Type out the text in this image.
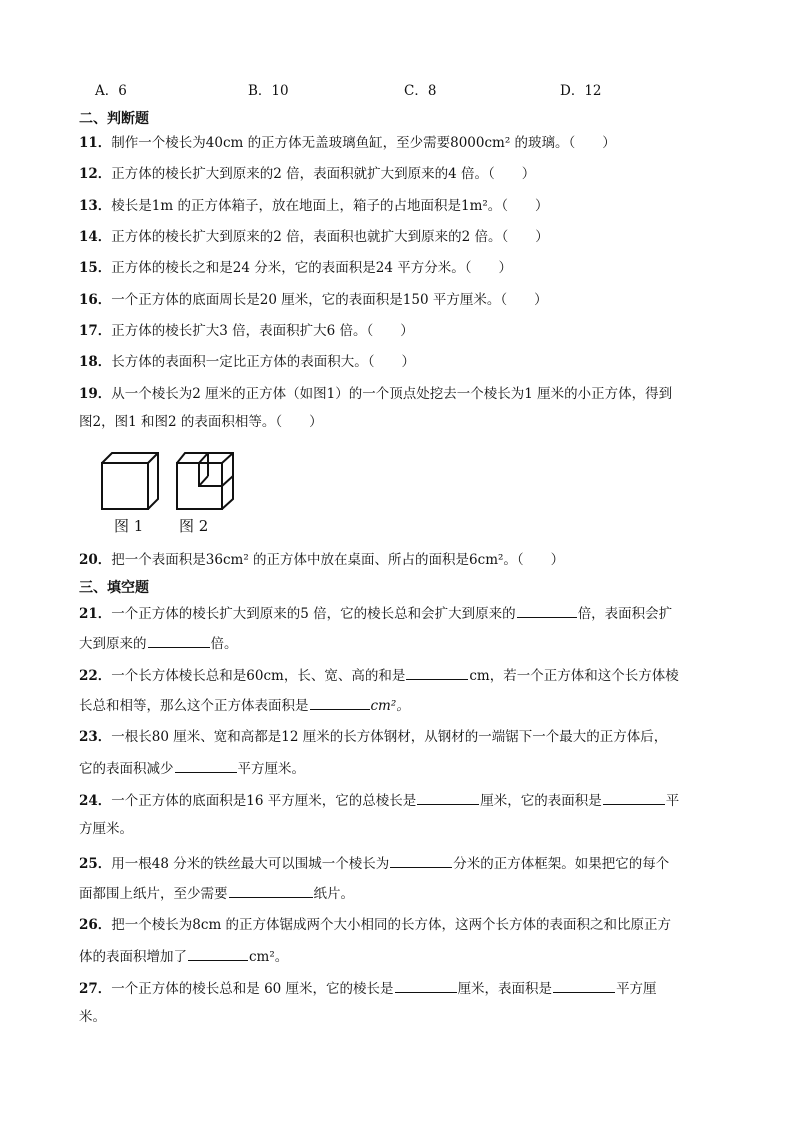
A．6	B．10	C．8	D．12
二、判断题
11．制作一个棱长为40cm 的正方体无盖玻璃鱼缸，至少需要8000cm² 的玻璃。（　　）
12．正方体的棱长扩大到原来的2 倍，表面积就扩大到原来的4 倍。（　　）
13．棱长是1m 的正方体箱子，放在地面上，箱子的占地面积是1m²。（　　）
14．正方体的棱长扩大到原来的2 倍，表面积也就扩大到原来的2 倍。（　　）
15．正方体的棱长之和是24 分米，它的表面积是24 平方分米。（　　）
16．一个正方体的底面周长是20 厘米，它的表面积是150 平方厘米。（　　）
17．正方体的棱长扩大3 倍，表面积扩大6 倍。（　　）
18．长方体的表面积一定比正方体的表面积大。（　　）
19．从一个棱长为2 厘米的正方体（如图1）的一个顶点处挖去一个棱长为1 厘米的小正方体，得到
图2，图1 和图2 的表面积相等。（　　）
图 1 图 2
20．把一个表面积是36cm² 的正方体中放在桌面、所占的面积是6cm²。（　　）
三、填空题
21．一个正方体的棱长扩大到原来的5 倍，它的棱长总和会扩大到原来的	倍，表面积会扩
大到原来的	倍。
22．一个长方体棱长总和是60cm，长、宽、高的和是	cm，若一个正方体和这个长方体棱
长总和相等，那么这个正方体表面积是	cm²。
23．一根长80 厘米、宽和高都是12 厘米的长方体钢材，从钢材的一端锯下一个最大的正方体后，
它的表面积减少	平方厘米。
24．一个正方体的底面积是16 平方厘米，它的总棱长是	厘米，它的表面积是	平
方厘米。
25．用一根48 分米的铁丝最大可以围城一个棱长为	分米的正方体框架。如果把它的每个
面都围上纸片，至少需要	纸片。
26．把一个棱长为8cm 的正方体锯成两个大小相同的长方体，这两个长方体的表面积之和比原正方
体的表面积增加了	cm²。
27．一个正方体的棱长总和是 60 厘米，它的棱长是	厘米，表面积是	平方厘
米。
